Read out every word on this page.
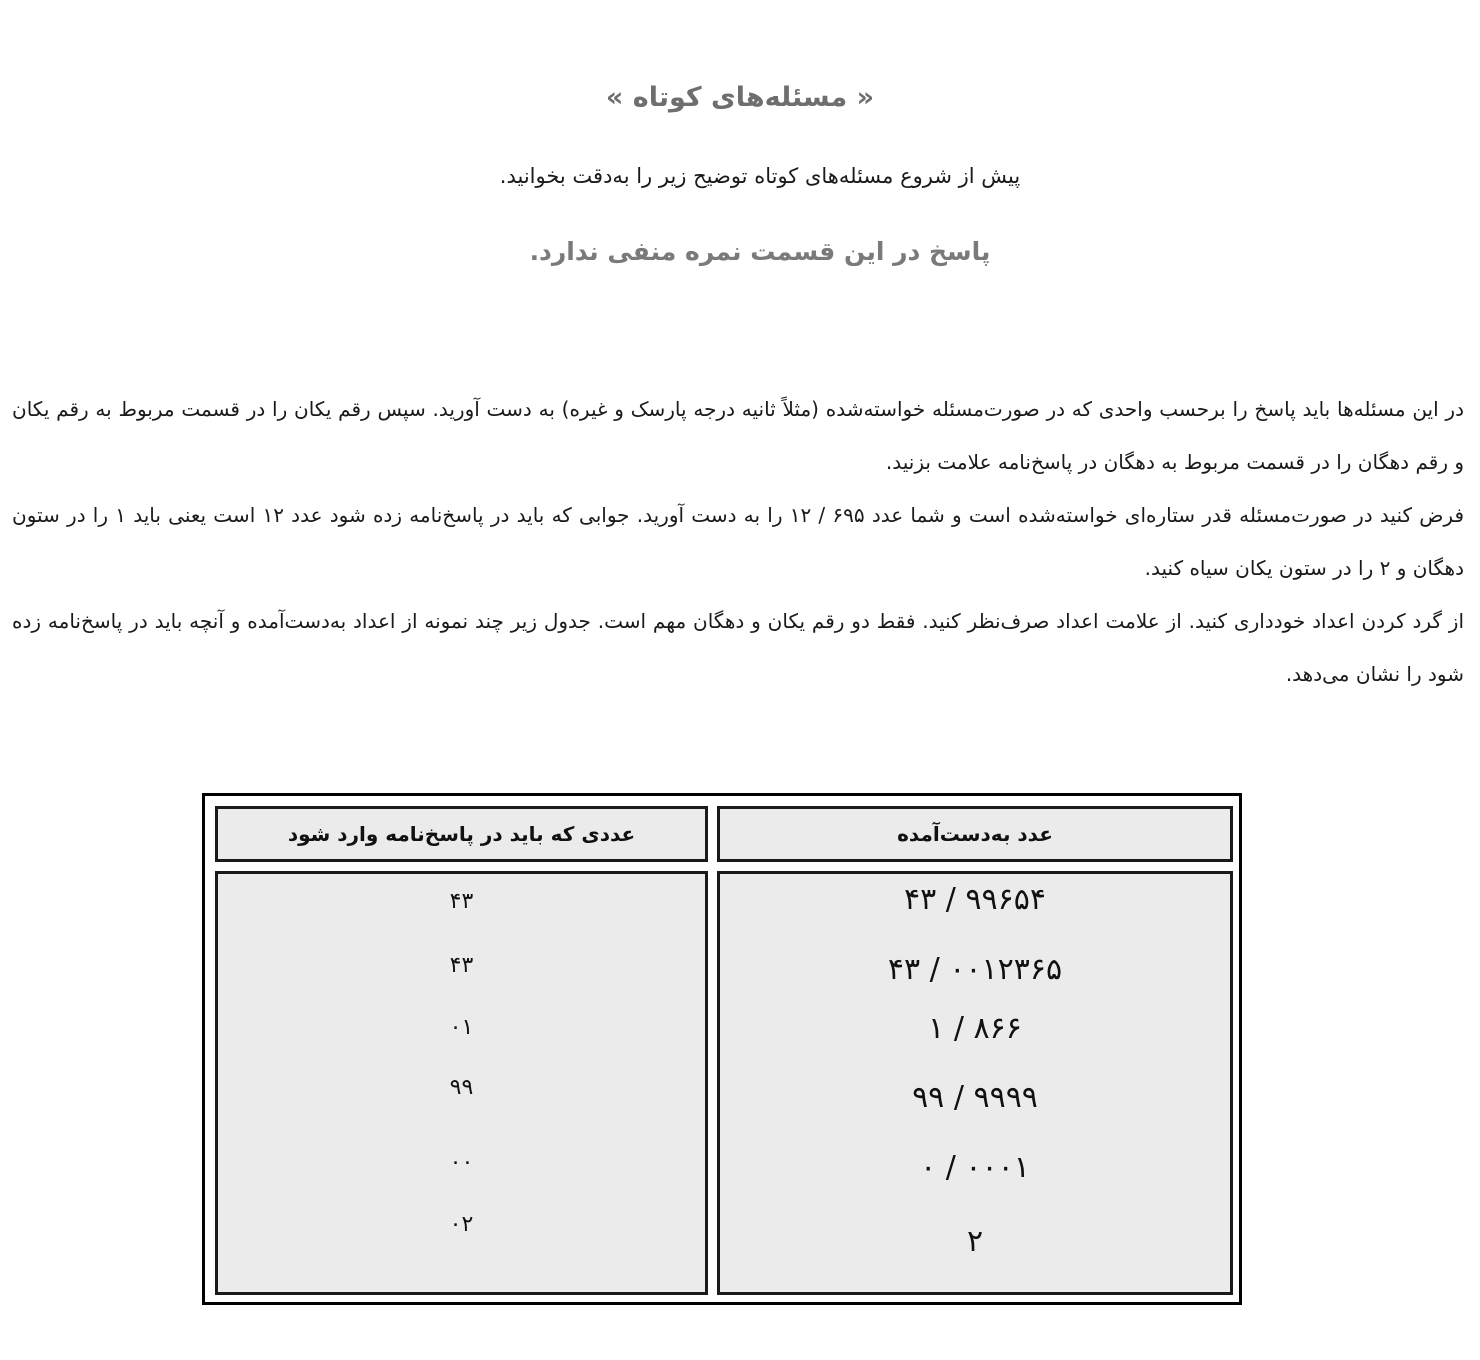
« مسئله‌های کوتاه »
پیش از شروع مسئله‌های کوتاه توضیح زیر را به‌دقت بخوانید.
پاسخ در این قسمت نمره منفی ندارد.

در این مسئله‌ها باید پاسخ را برحسب واحدی که در صورت‌مسئله خواسته‌شده (مثلاً ثانیه درجه پارسک و غیره) به دست آورید. سپس رقم یکان را در قسمت مربوط به رقم یکان و رقم دهگان را در قسمت مربوط به دهگان در پاسخ‌نامه علامت بزنید.

فرض کنید در صورت‌مسئله قدر ستاره‌ای خواسته‌شده است و شما عدد ۶۹۵ / ۱۲ را به دست آورید. جوابی که باید در پاسخ‌نامه زده شود عدد ۱۲ است یعنی باید ۱ را در ستون دهگان و ۲ را در ستون یکان سیاه کنید.

از گرد کردن اعداد خودداری کنید. از علامت اعداد صرف‌نظر کنید. فقط دو رقم یکان و دهگان مهم است. جدول زیر چند نمونه از اعداد به‌دست‌آمده و آنچه باید در پاسخ‌نامه زده شود را نشان می‌دهد.

عدد به‌دست‌آمده
عددی که باید در پاسخ‌نامه وارد شود
۴۳ / ۹۹۶۵۴
۴۳ / ۰۰۱۲۳۶۵
۱ / ۸۶۶
۹۹ / ۹۹۹۹
۰ / ۰۰۰۱
۲
۴۳
۴۳
۰۱
۹۹
۰۰
۰۲
